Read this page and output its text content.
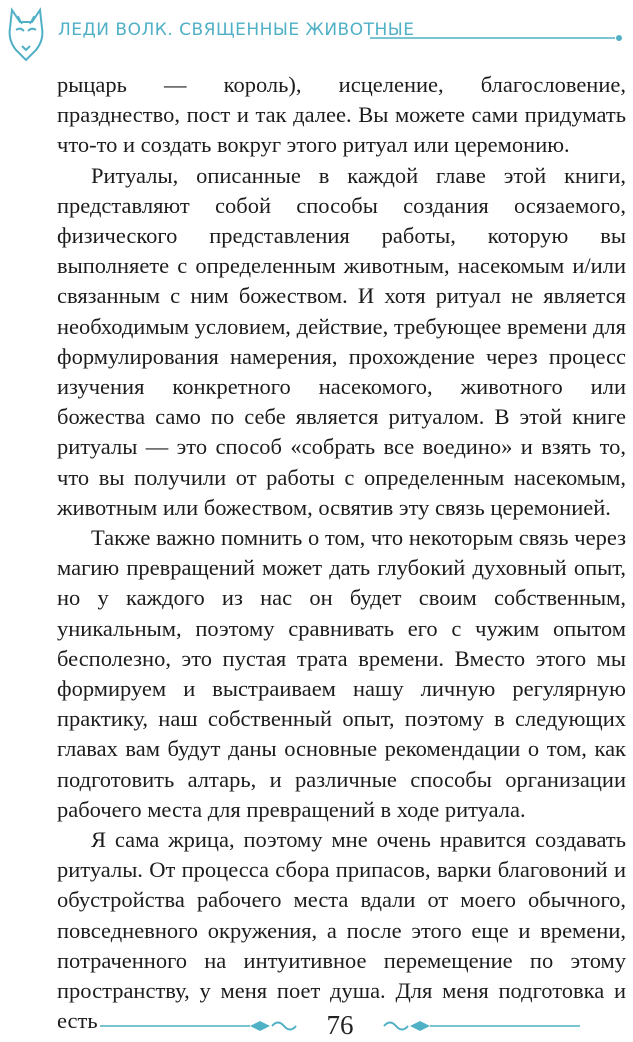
ЛЕДИ ВОЛК. СВЯЩЕННЫЕ ЖИВОТНЫЕ

рыцарь — король), исцеление, благословение, празднество, пост и так далее. Вы можете сами придумать что-то и создать вокруг этого ритуал или церемонию.

Ритуалы, описанные в каждой главе этой книги, представляют собой способы создания осязаемого, физического представления работы, которую вы выполняете с определенным животным, насекомым и/или связанным с ним божеством. И хотя ритуал не является необходимым условием, действие, требующее времени для формулирования намерения, прохождение через процесс изучения конкретного насекомого, животного или божества само по себе является ритуалом. В этой книге ритуалы — это способ «собрать все воедино» и взять то, что вы получили от работы с определенным насекомым, животным или божеством, освятив эту связь церемонией.

Также важно помнить о том, что некоторым связь через магию превращений может дать глубокий духовный опыт, но у каждого из нас он будет своим собственным, уникальным, поэтому сравнивать его с чужим опытом бесполезно, это пустая трата времени. Вместо этого мы формируем и выстраиваем нашу личную регулярную практику, наш собственный опыт, поэтому в следующих главах вам будут даны основные рекомендации о том, как подготовить алтарь, и различные способы организации рабочего места для превращений в ходе ритуала.

Я сама жрица, поэтому мне очень нравится создавать ритуалы. От процесса сбора припасов, варки благовоний и обустройства рабочего места вдали от моего обычного, повседневного окружения, а после этого еще и времени, потраченного на интуитивное перемещение по этому пространству, у меня поет душа. Для меня подготовка и есть	76
